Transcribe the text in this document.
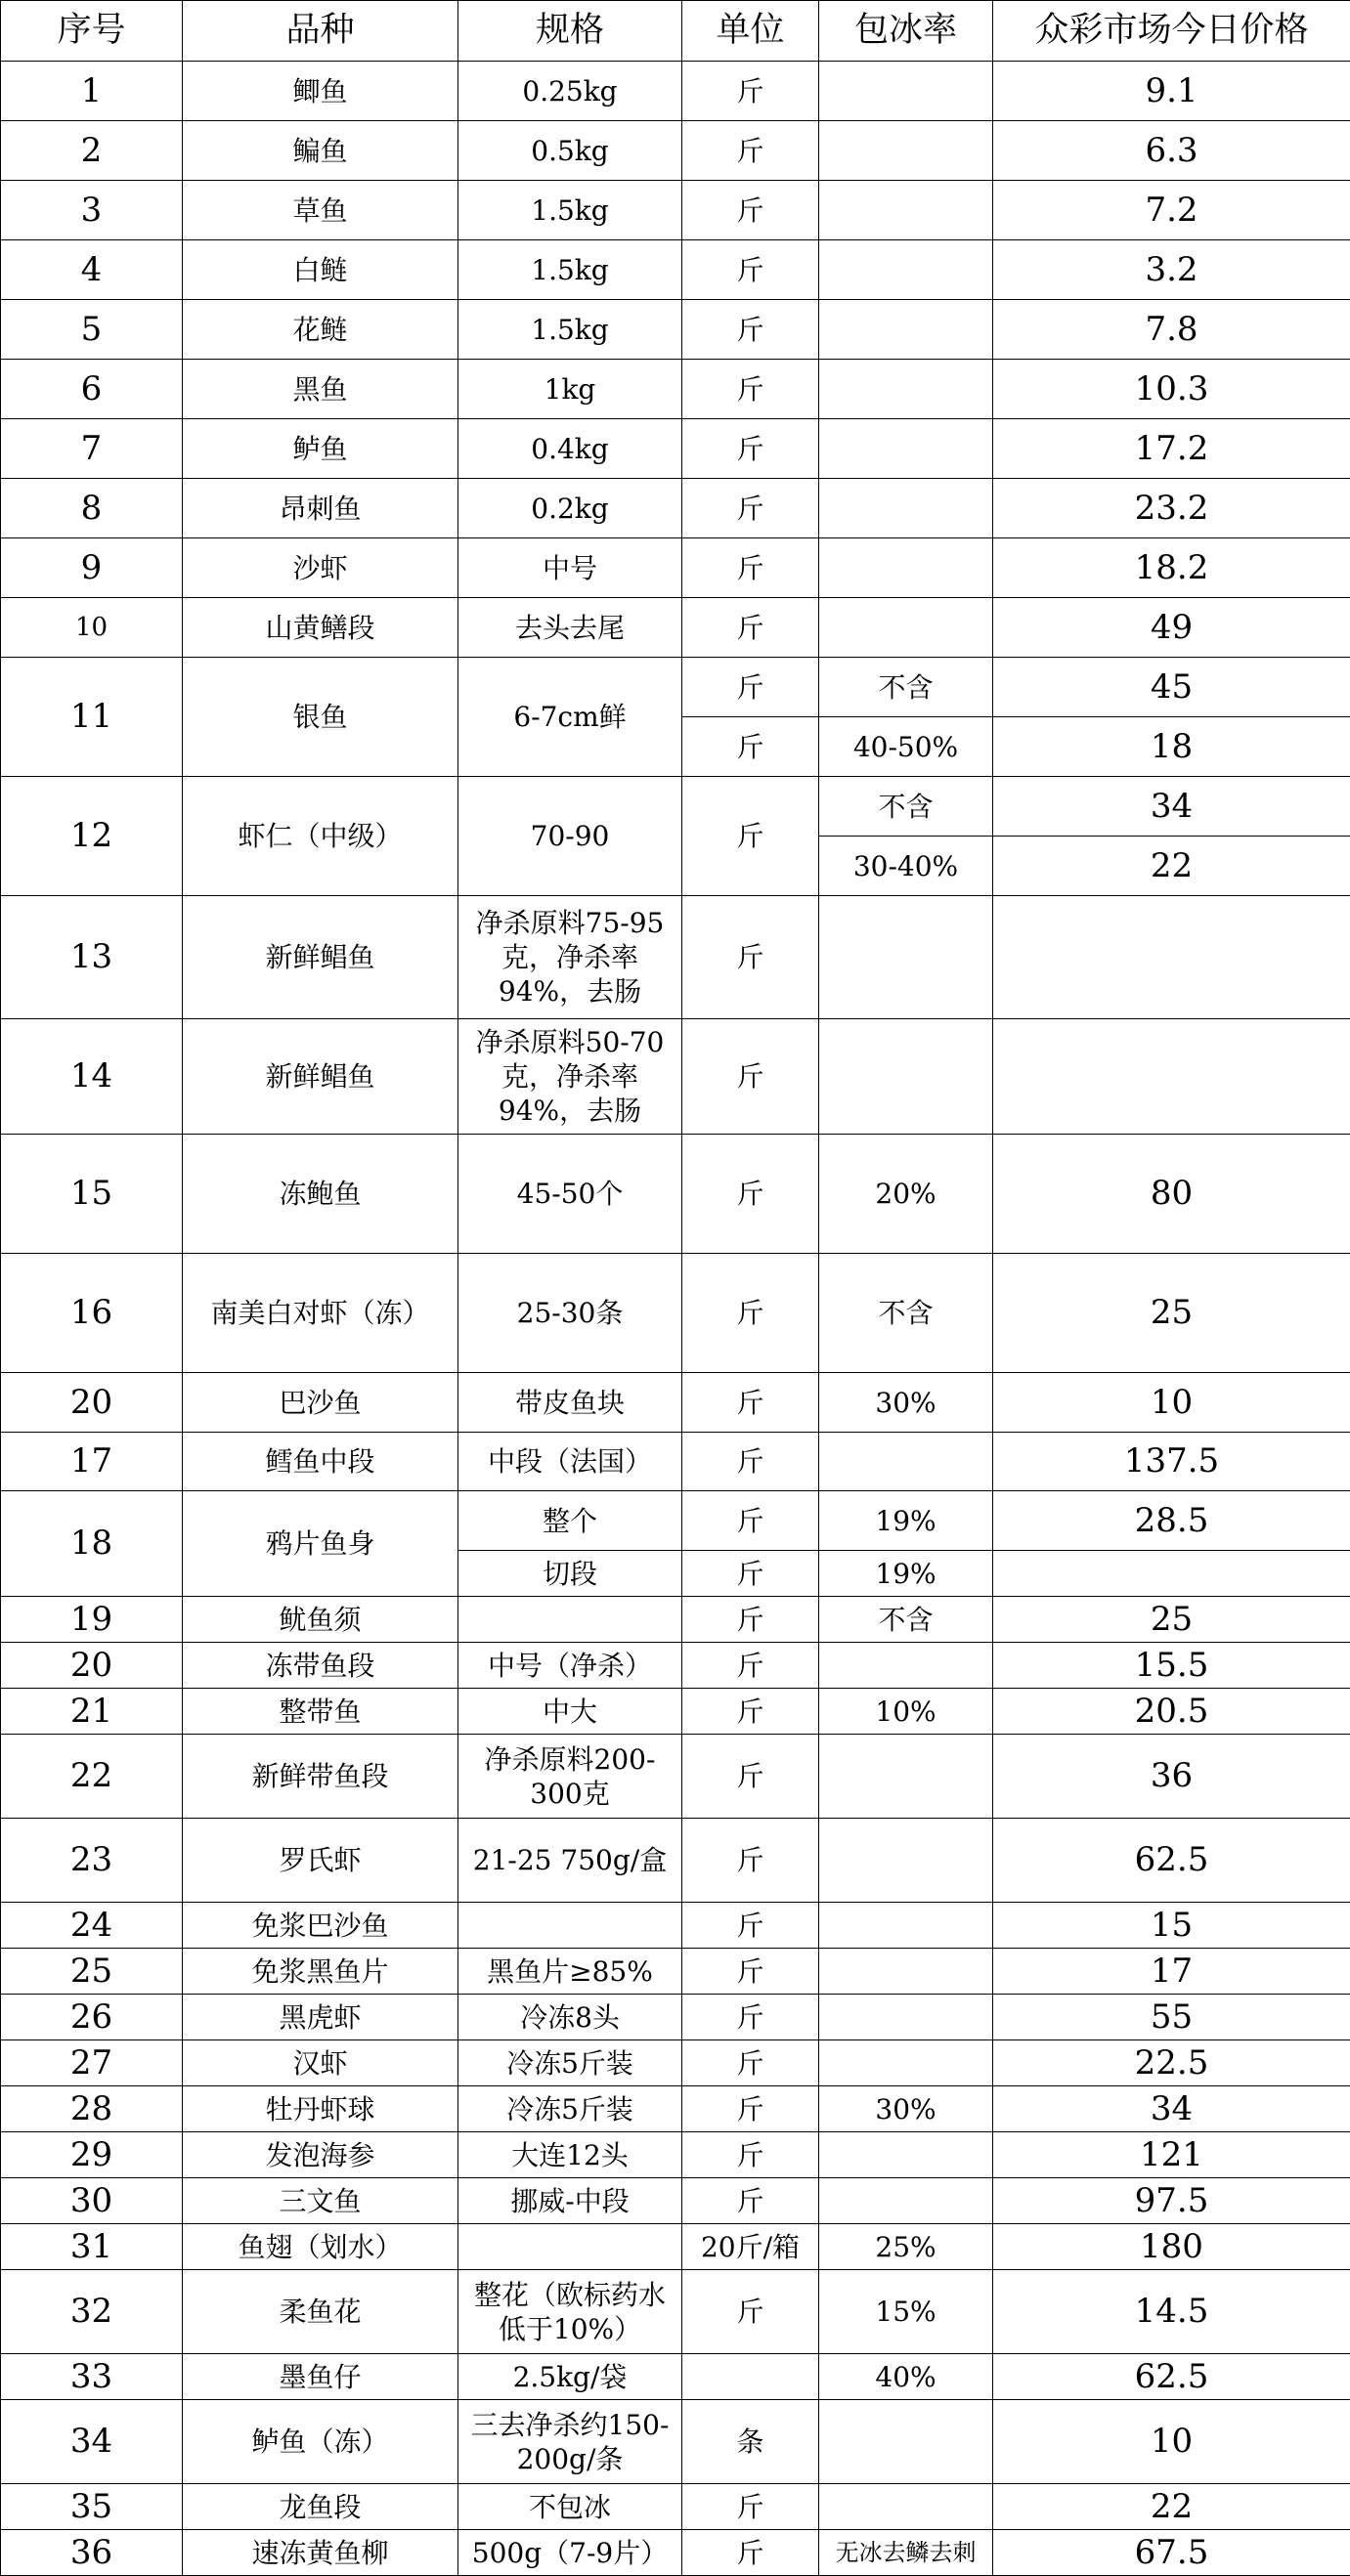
序号	品种	规格	单位	包冰率	众彩市场今日价格
1	鲫鱼	0.25kg	斤		9.1
2	鳊鱼	0.5kg	斤		6.3
3	草鱼	1.5kg	斤		7.2
4	白鲢	1.5kg	斤		3.2
5	花鲢	1.5kg	斤		7.8
6	黑鱼	1kg	斤		10.3
7	鲈鱼	0.4kg	斤		17.2
8	昂刺鱼	0.2kg	斤		23.2
9	沙虾	中号	斤		18.2
10	山黄鳝段	去头去尾	斤		49
11	银鱼	6-7cm鲜	斤	不含	45
			斤	40-50%	18
12	虾仁（中级）	70-90	斤	不含	34
				30-40%	22
13	新鲜鲳鱼	净杀原料75-95克，净杀率94%，去肠	斤		
14	新鲜鲳鱼	净杀原料50-70克，净杀率94%，去肠	斤		
15	冻鲍鱼	45-50个	斤	20%	80
16	南美白对虾（冻）	25-30条	斤	不含	25
20	巴沙鱼	带皮鱼块	斤	30%	10
17	鳕鱼中段	中段（法国）	斤		137.5
18	鸦片鱼身	整个	斤	19%	28.5
		切段	斤	19%	
19	鱿鱼须		斤	不含	25
20	冻带鱼段	中号（净杀）	斤		15.5
21	整带鱼	中大	斤	10%	20.5
22	新鲜带鱼段	净杀原料200-300克	斤		36
23	罗氏虾	21-25 750g/盒	斤		62.5
24	免浆巴沙鱼		斤		15
25	免浆黑鱼片	黑鱼片≥85%	斤		17
26	黑虎虾	冷冻8头	斤		55
27	汉虾	冷冻5斤装	斤		22.5
28	牡丹虾球	冷冻5斤装	斤	30%	34
29	发泡海参	大连12头	斤		121
30	三文鱼	挪威-中段	斤		97.5
31	鱼翅（划水）		20斤/箱	25%	180
32	柔鱼花	整花（欧标药水低于10%）	斤	15%	14.5
33	墨鱼仔	2.5kg/袋		40%	62.5
34	鲈鱼（冻）	三去净杀约150-200g/条	条		10
35	龙鱼段	不包冰	斤		22
36	速冻黄鱼柳	500g（7-9片）	斤	无冰去鳞去刺	67.5
